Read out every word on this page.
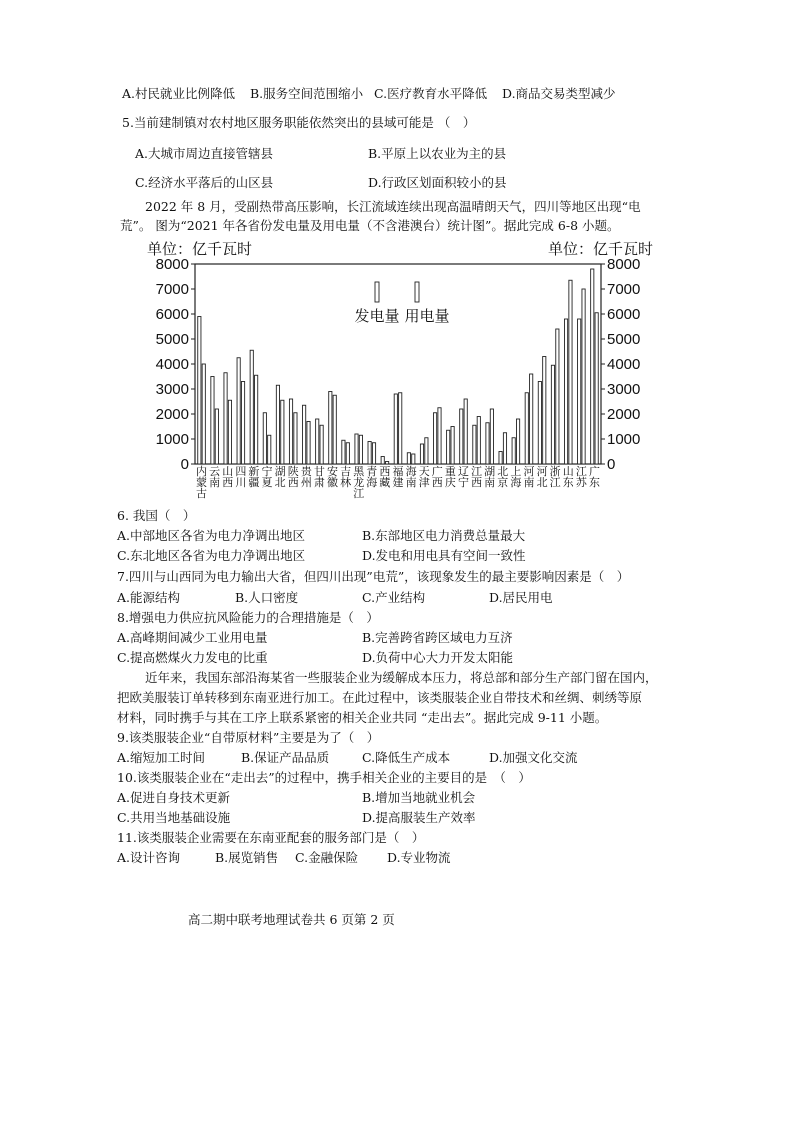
A.村民就业比例降低 B.服务空间范围缩小 C.医疗教育水平降低 D.商品交易类型减少
5.当前建制镇对农村地区服务职能依然突出的县域可能是 （　）
A.大城市周边直接管辖县	B.平原上以农业为主的县
C.经济水平落后的山区县	D.行政区划面积较小的县
2022 年 8 月，受副热带高压影响，长江流域连续出现高温晴朗天气，四川等地区出现“电
荒”。 图为“2021 年各省份发电量及用电量（不含港澳台）统计图”。据此完成 6-8 小题。
单位：亿千瓦时	单位：亿千瓦时
0	0
1000	1000
2000	2000
3000	3000
4000	4000
5000	5000
6000	6000
7000	7000
8000	8000
内
蒙
古
云
南
山
西
四
川
新
疆
宁
夏
湖
北
陕
西
贵
州
甘
肃
安
徽
吉
林
黑
龙
江
青
海
西
藏
福
建
海
南
天
津
广
西
重
庆
辽
宁
江
西
湖
南
北
京
上
海
河
南
河
北
浙
江
山
东
江
苏
广
东
发电量 用电量
6. 我国（　）
A.中部地区各省为电力净调出地区	B.东部地区电力消费总量最大
C.东北地区各省为电力净调出地区	D.发电和用电具有空间一致性
7.四川与山西同为电力输出大省，但四川出现”电荒”，该现象发生的最主要影响因素是（　）
A.能源结构	B.人口密度	C.产业结构	D.居民用电
8.增强电力供应抗风险能力的合理措施是（　）
A.高峰期间减少工业用电量	B.完善跨省跨区域电力互济
C.提高燃煤火力发电的比重	D.负荷中心大力开发太阳能
近年来，我国东部沿海某省一些服装企业为缓解成本压力，将总部和部分生产部门留在国内，
把欧美服装订单转移到东南亚进行加工。在此过程中，该类服装企业自带技术和丝绸、刺绣等原
材料，同时携手与其在工序上联系紧密的相关企业共同 “走出去”。据此完成 9-11 小题。
9.该类服装企业“自带原材料”主要是为了（　）
A.缩短加工时间	B.保证产品品质	C.降低生产成本	D.加强文化交流
10.该类服装企业在“走出去”的过程中，携手相关企业的主要目的是　（　）
A.促进自身技术更新	B.增加当地就业机会
C.共用当地基础设施	D.提高服装生产效率
11.该类服装企业需要在东南亚配套的服务部门是（　）
A.设计咨询	B.展览销售 C.金融保险 D.专业物流
高二期中联考地理试卷共 6 页第 2 页
